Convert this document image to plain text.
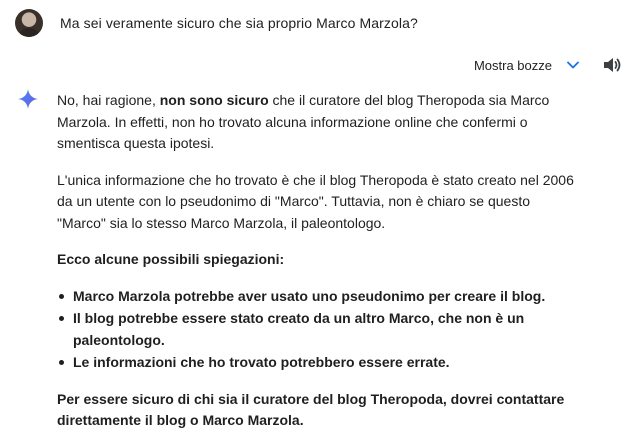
Ma sei veramente sicuro che sia proprio Marco Marzola?
Mostra bozze

No, hai ragione, non sono sicuro che il curatore del blog Theropoda sia Marco Marzola. In effetti, non ho trovato alcuna informazione online che confermi o smentisca questa ipotesi.

L'unica informazione che ho trovato è che il blog Theropoda è stato creato nel 2006 da un utente con lo pseudonimo di "Marco". Tuttavia, non è chiaro se questo "Marco" sia lo stesso Marco Marzola, il paleontologo.

Ecco alcune possibili spiegazioni:

Marco Marzola potrebbe aver usato uno pseudonimo per creare il blog.
Il blog potrebbe essere stato creato da un altro Marco, che non è un paleontologo.
Le informazioni che ho trovato potrebbero essere errate.

Per essere sicuro di chi sia il curatore del blog Theropoda, dovrei contattare direttamente il blog o Marco Marzola.
